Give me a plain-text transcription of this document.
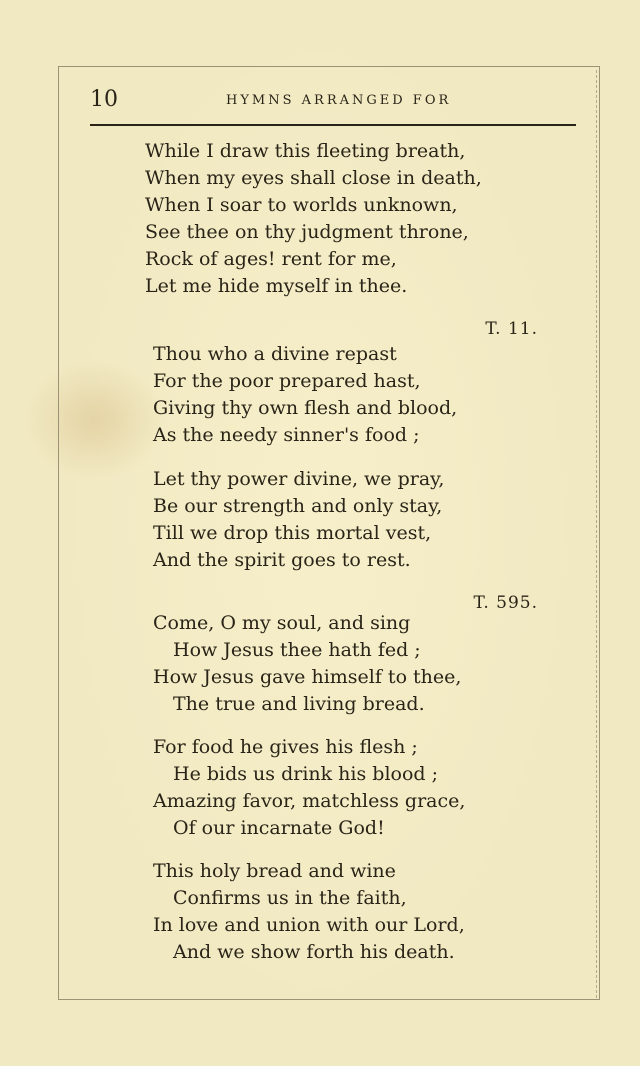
10	HYMNS ARRANGED FOR
While I draw this fleeting breath,
When my eyes shall close in death,
When I soar to worlds unknown,
See thee on thy judgment throne,
Rock of ages! rent for me,
Let me hide myself in thee.
T. 11.
Thou who a divine repast
For the poor prepared hast,
Giving thy own flesh and blood,
As the needy sinner's food ;
Let thy power divine, we pray,
Be our strength and only stay,
Till we drop this mortal vest,
And the spirit goes to rest.
T. 595.
Come, O my soul, and sing
How Jesus thee hath fed ;
How Jesus gave himself to thee,
The true and living bread.
For food he gives his flesh ;
He bids us drink his blood ;
Amazing favor, matchless grace,
Of our incarnate God!
This holy bread and wine
Confirms us in the faith,
In love and union with our Lord,
And we show forth his death.
